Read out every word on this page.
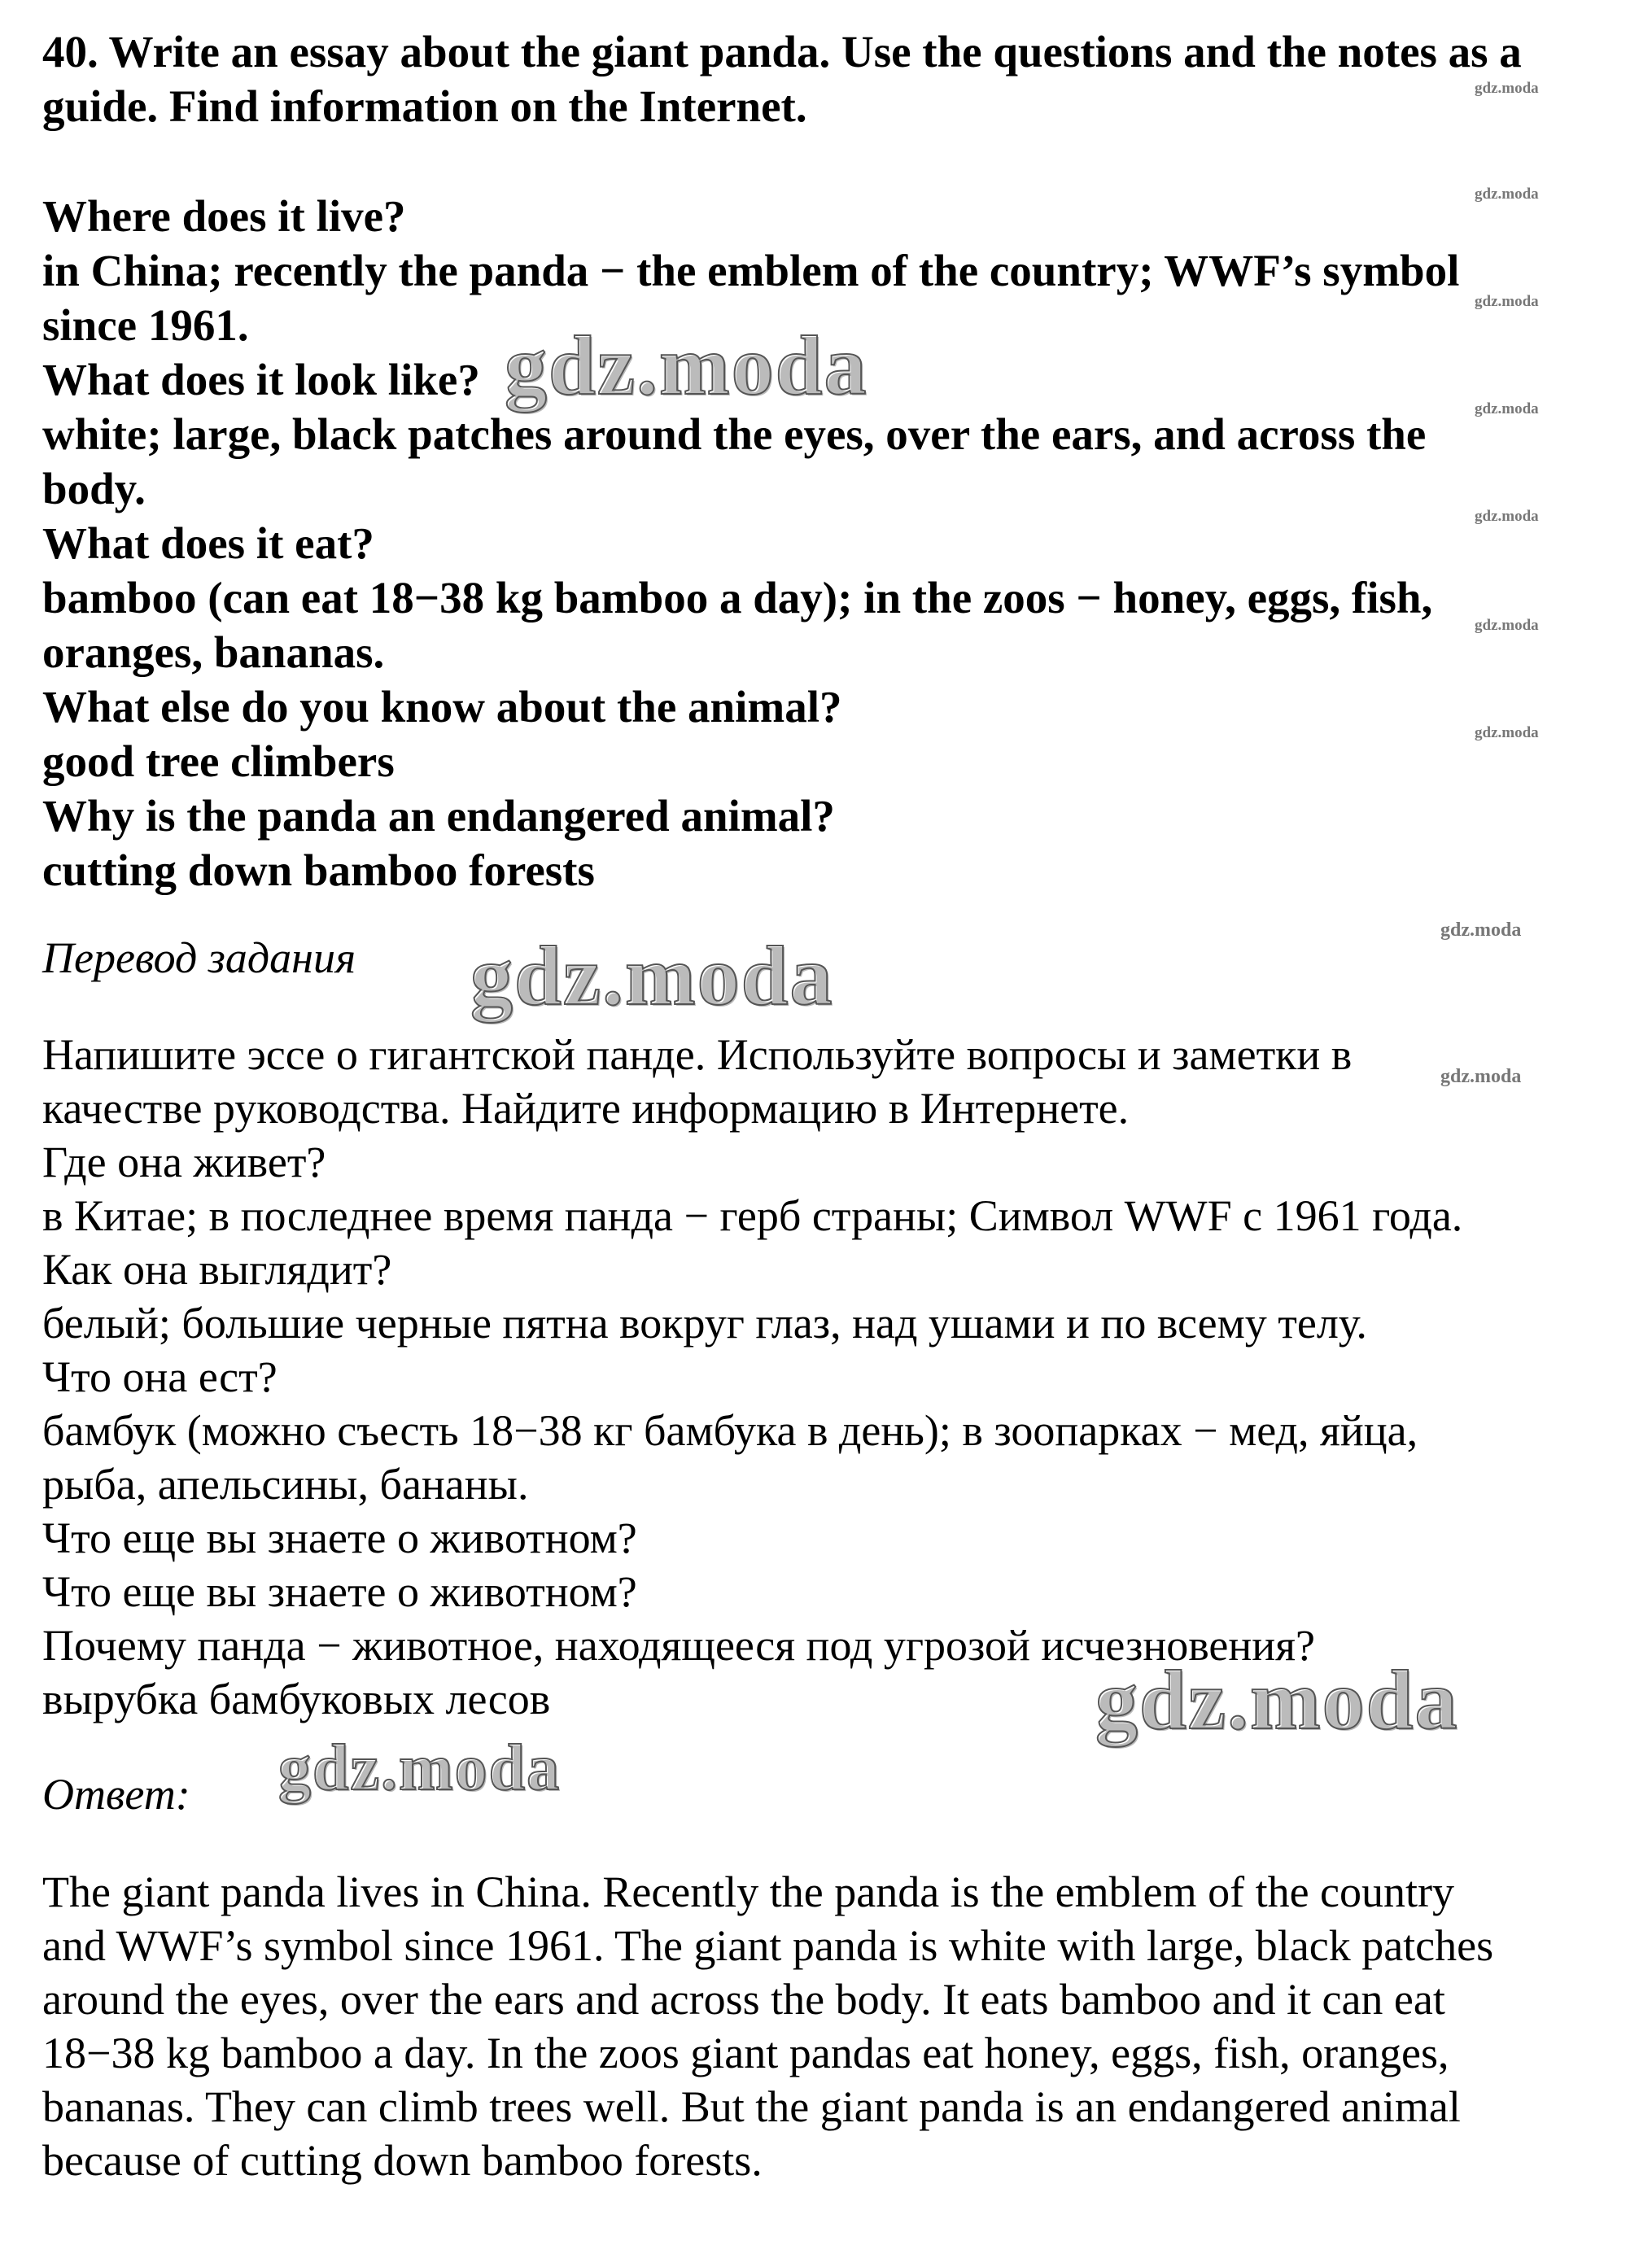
40. Write an essay about the giant panda. Use the questions and the notes as a

guide. Find information on the Internet.

Where does it live?

in China; recently the panda − the emblem of the country; WWF’s symbol

since 1961.

What does it look like?

white; large, black patches around the eyes, over the ears, and across the

body.

What does it eat?

bamboo (can eat 18−38 kg bamboo a day); in the zoos − honey, eggs, fish,

oranges, bananas.

What else do you know about the animal?

good tree climbers

Why is the panda an endangered animal?

cutting down bamboo forests

Перевод задания

Напишите эссе о гигантской панде. Используйте вопросы и заметки в

качестве руководства. Найдите информацию в Интернете.

Где она живет?

в Китае; в последнее время панда − герб страны; Символ WWF с 1961 года.

Как она выглядит?

белый; большие черные пятна вокруг глаз, над ушами и по всему телу.

Что она ест?

бамбук (можно съесть 18−38 кг бамбука в день); в зоопарках − мед, яйца,

рыба, апельсины, бананы.

Что еще вы знаете о животном?

Что еще вы знаете о животном?

Почему панда − животное, находящееся под угрозой исчезновения?

вырубка бамбуковых лесов

Ответ:

The giant panda lives in China. Recently the panda is the emblem of the country

and WWF’s symbol since 1961. The giant panda is white with large, black patches

around the eyes, over the ears and across the body. It eats bamboo and it can eat

18−38 kg bamboo a day. In the zoos giant pandas eat honey, eggs, fish, oranges,

bananas. They can climb trees well. But the giant panda is an endangered animal

because of cutting down bamboo forests.

gdz.moda
gdz.moda
gdz.moda
gdz.moda
gdz.moda
gdz.moda
gdz.moda
gdz.moda
gdz.moda
gdz.moda
gdz.moda
gdz.moda
gdz.moda
